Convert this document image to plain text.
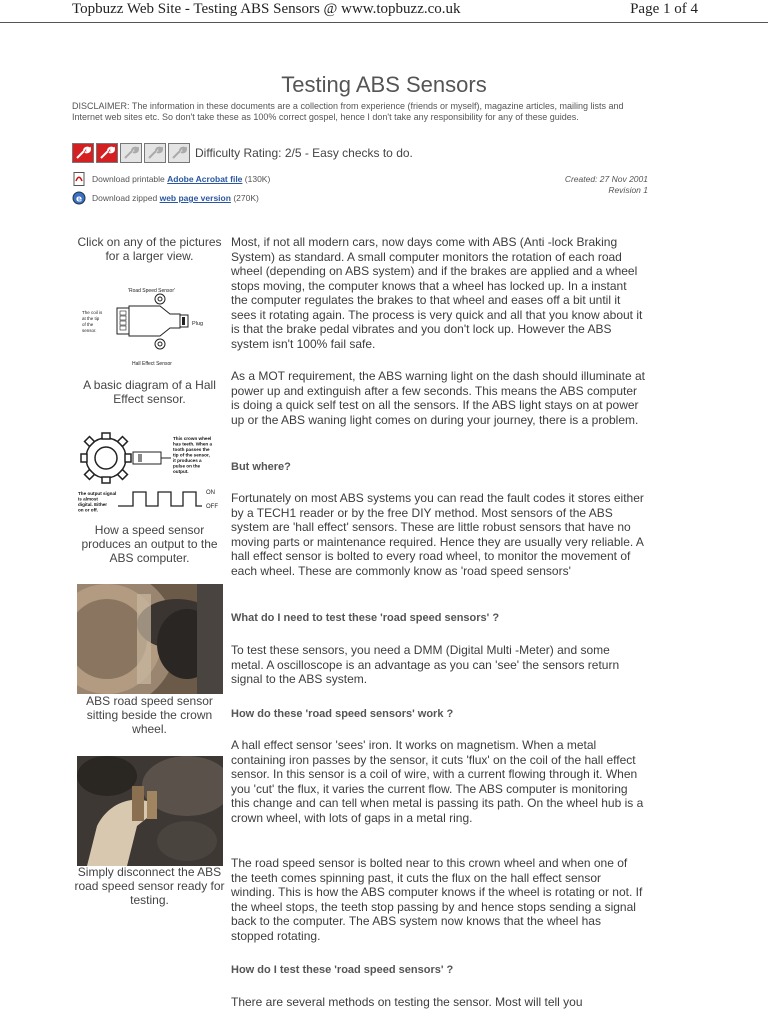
Topbuzz Web Site - Testing ABS Sensors @ www.topbuzz.co.uk	Page 1 of 4
Testing ABS Sensors
DISCLAIMER: The information in these documents are a collection from experience (friends or myself), magazine articles, mailing lists and Internet web sites etc. So don't take these as 100% correct gospel, hence I don't take any responsibility for any of these guides.
Difficulty Rating: 2/5 - Easy checks to do.
Download printable
Adobe Acrobat file
(130K)
e Download zipped
web page version
(270K)
Created: 27 Nov 2001
Revision 1
Click on any of the pictures for a larger view.
'Road Speed Sensor'
Plug
The coil is at the tip of the sensor.
Hall Effect Sensor
A basic diagram of a Hall Effect sensor.
This crown wheel has teeth. When a tooth passes the tip of the sensor, it produces a pulse on the output.
The output signal is almost digital. Either on or off.
ON
OFF
How a speed sensor produces an output to the ABS computer.
ABS road speed sensor sitting beside the crown wheel.
Simply disconnect the ABS road speed sensor ready for testing.

Most, if not all modern cars, now days come with ABS (Anti -lock Braking System) as standard. A small computer monitors the rotation of each road wheel (depending on ABS system) and if the brakes are applied and a wheel stops moving, the computer knows that a wheel has locked up. In a instant the computer regulates the brakes to that wheel and eases off a bit until it sees it rotating again. The process is very quick and all that you know about it is that the brake pedal vibrates and you don't lock up. However the ABS system isn't 100% fail safe.

As a MOT requirement, the ABS warning light on the dash should illuminate at power up and extinguish after a few seconds. This means the ABS computer is doing a quick self test on all the sensors. If the ABS light stays on at power up or the ABS waning light comes on during your journey, there is a problem.

But where?

Fortunately on most ABS systems you can read the fault codes it stores either by a TECH1 reader or by the free DIY method. Most sensors of the ABS system are 'hall effect' sensors. These are little robust sensors that have no moving parts or maintenance required. Hence they are usually very reliable. A hall effect sensor is bolted to every road wheel, to monitor the movement of each wheel. These are commonly know as 'road speed sensors'

What do I need to test these 'road speed sensors' ?

To test these sensors, you need a DMM (Digital Multi -Meter) and some metal. A oscilloscope is an advantage as you can 'see' the sensors return signal to the ABS system.

How do these 'road speed sensors' work ?

A hall effect sensor 'sees' iron. It works on magnetism. When a metal containing iron passes by the sensor, it cuts 'flux' on the coil of the hall effect sensor. In this sensor is a coil of wire, with a current flowing through it. When you 'cut' the flux, it varies the current flow. The ABS computer is monitoring this change and can tell when metal is passing its path. On the wheel hub is a crown wheel, with lots of gaps in a metal ring.

The road speed sensor is bolted near to this crown wheel and when one of the teeth comes spinning past, it cuts the flux on the hall effect sensor winding. This is how the ABS computer knows if the wheel is rotating or not. If the wheel stops, the teeth stop passing by and hence stops sending a signal back to the computer. The ABS system now knows that the wheel has stopped rotating.

How do I test these 'road speed sensors' ?

There are several methods on testing the sensor. Most will tell you
